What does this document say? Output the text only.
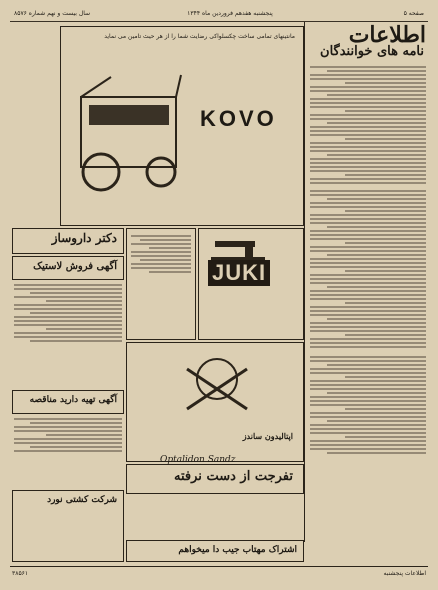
سال بیست و نهم شماره ۸۵۷۶	پنجشنبه هفدهم فروردین ماه ۱۳۴۴	صفحه ۵
اطلاعات
نامه های خوانندگان
مانتینهای تمامی ساخت چکسلواکی رضایت شما را از هر حیث تامین می نماید
KOVO
دکتر داروساز
JUKI
آگهی فروش لاستیک
آگهی تهیه دارید مناقصه
اپتالیدون ساندز
Optalidon Sandz
تفرجت از دست نرفته
شرکت کشتی نورد
اشتراک مهتاب جیب دا میخواهم
۳۸۵۶۱	اطلاعات پنجشنبه
